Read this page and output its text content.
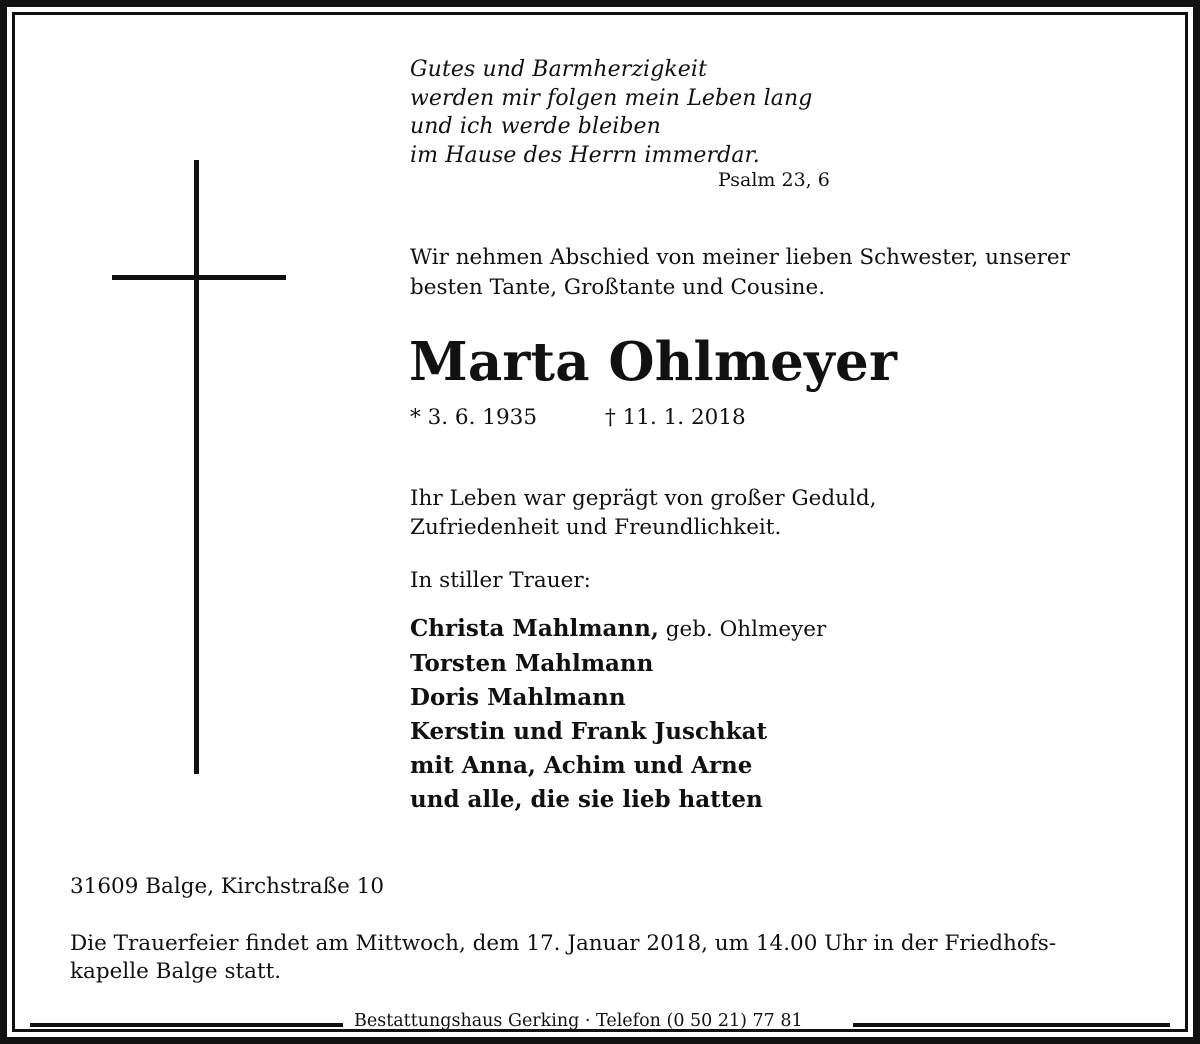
Gutes und Barmherzigkeit
werden mir folgen mein Leben lang
und ich werde bleiben
im Hause des Herrn immerdar.
Psalm 23, 6
Wir nehmen Abschied von meiner lieben Schwester, unserer
besten Tante, Großtante und Cousine.
Marta Ohlmeyer
* 3. 6. 1935	† 11. 1. 2018
Ihr Leben war geprägt von großer Geduld,
Zufriedenheit und Freundlichkeit.
In stiller Trauer:
Christa Mahlmann, geb. Ohlmeyer
Torsten Mahlmann
Doris Mahlmann
Kerstin und Frank Juschkat
mit Anna, Achim und Arne
und alle, die sie lieb hatten
31609 Balge, Kirchstraße 10
Die Trauerfeier findet am Mittwoch, dem 17. Januar 2018, um 14.00 Uhr in der Friedhofs-
kapelle Balge statt.
Bestattungshaus Gerking · Telefon (0 50 21) 77 81
